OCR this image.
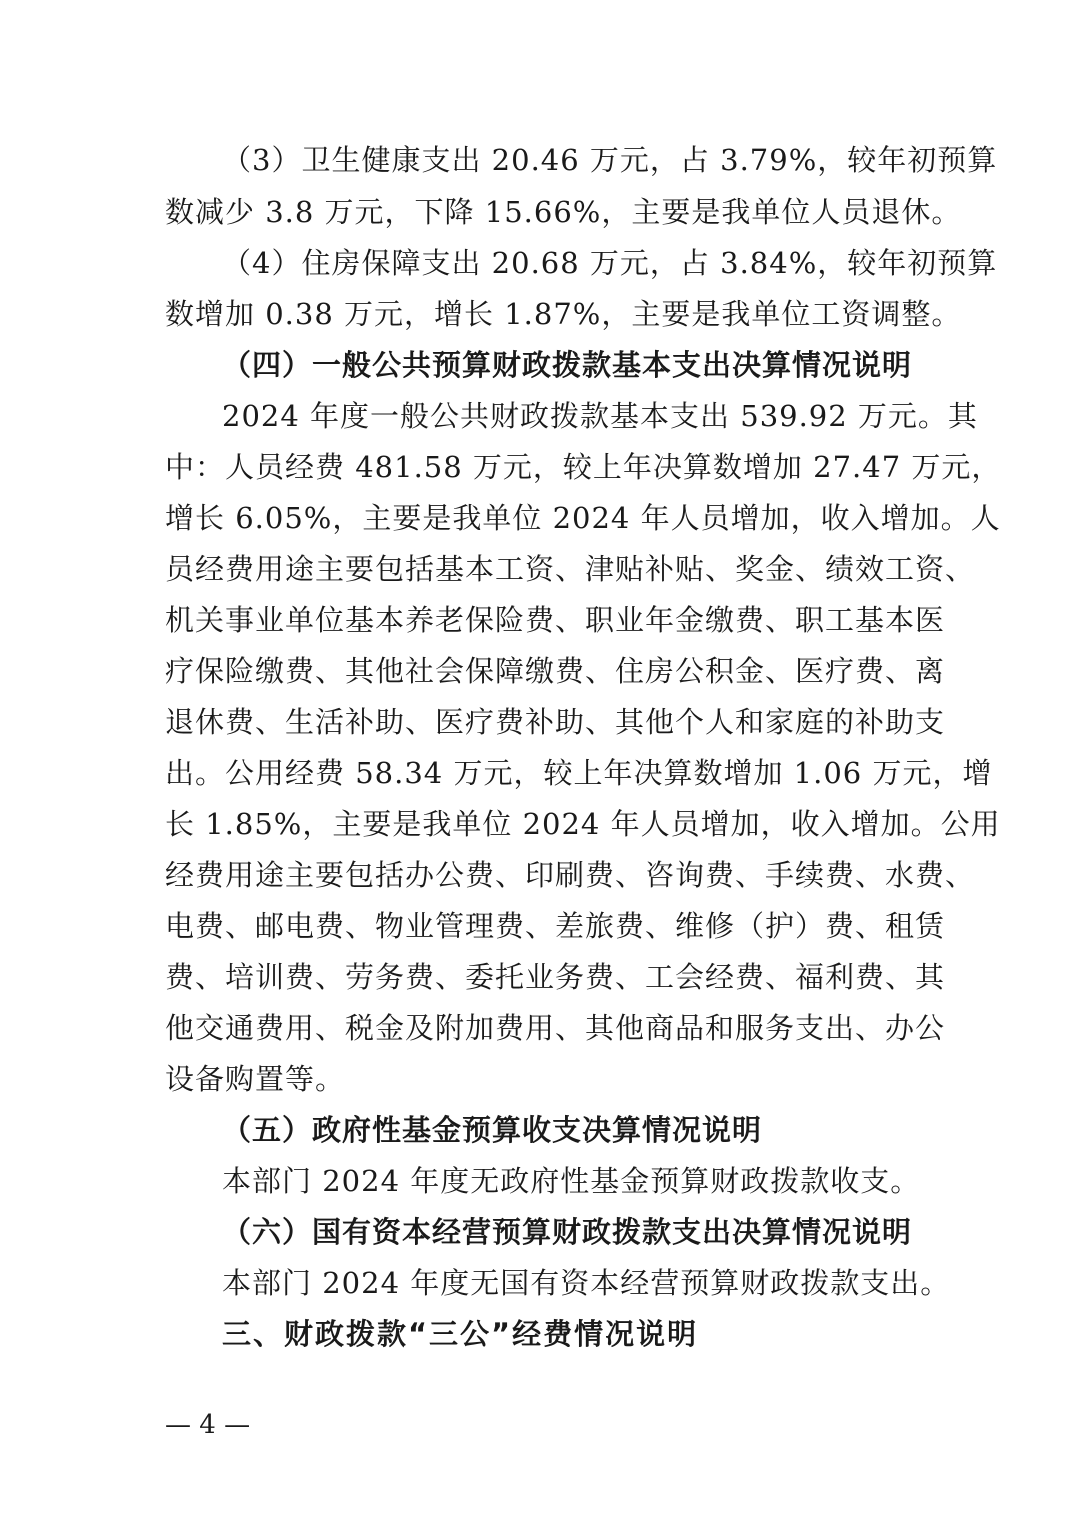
（3）卫生健康支出 20.46 万元，占 3.79%，较年初预算
数减少 3.8 万元，下降 15.66%，主要是我单位人员退休。
（4）住房保障支出 20.68 万元，占 3.84%，较年初预算
数增加 0.38 万元，增长 1.87%，主要是我单位工资调整。
（四）一般公共预算财政拨款基本支出决算情况说明
2024 年度一般公共财政拨款基本支出 539.92 万元。其
中：人员经费 481.58 万元，较上年决算数增加 27.47 万元，
增长 6.05%，主要是我单位 2024 年人员增加，收入增加。人
员经费用途主要包括基本工资、津贴补贴、奖金、绩效工资、
机关事业单位基本养老保险费、职业年金缴费、职工基本医
疗保险缴费、其他社会保障缴费、住房公积金、医疗费、离
退休费、生活补助、医疗费补助、其他个人和家庭的补助支
出。公用经费 58.34 万元，较上年决算数增加 1.06 万元，增
长 1.85%，主要是我单位 2024 年人员增加，收入增加。公用
经费用途主要包括办公费、印刷费、咨询费、手续费、水费、
电费、邮电费、物业管理费、差旅费、维修（护）费、租赁
费、培训费、劳务费、委托业务费、工会经费、福利费、其
他交通费用、税金及附加费用、其他商品和服务支出、办公
设备购置等。
（五）政府性基金预算收支决算情况说明
本部门 2024 年度无政府性基金预算财政拨款收支。
（六）国有资本经营预算财政拨款支出决算情况说明
本部门 2024 年度无国有资本经营预算财政拨款支出。
三、财政拨款“三公”经费情况说明
— 4 —
